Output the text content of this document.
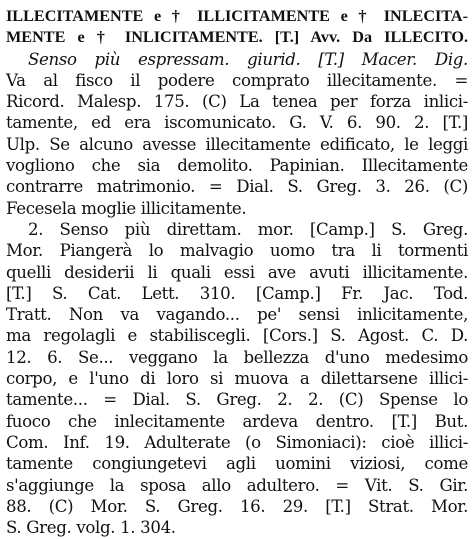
ILLECITAMENTE e † ILLICITAMENTE e † INLECITA-
MENTE e † INLICITAMENTE. [T.] Avv. Da ILLECITO.
Senso più espressam. giurid. [T.] Macer. Dig.
Va al fisco il podere comprato illecitamente. =
Ricord. Malesp. 175. (C) La tenea per forza inlici-
tamente, ed era iscomunicato. G. V. 6. 90. 2. [T.]
Ulp. Se alcuno avesse illecitamente edificato, le leggi
vogliono che sia demolito. Papinian. Illecitamente
contrarre matrimonio. = Dial. S. Greg. 3. 26. (C)
Fecesela moglie illicitamente.
2. Senso più direttam. mor. [Camp.] S. Greg.
Mor. Piangerà lo malvagio uomo tra li tormenti
quelli desiderii li quali essi ave avuti illicitamente.
[T.] S. Cat. Lett. 310. [Camp.] Fr. Jac. Tod.
Tratt. Non va vagando... pe' sensi inlicitamente,
ma regolagli e stabiliscegli. [Cors.] S. Agost. C. D.
12. 6. Se... veggano la bellezza d'uno medesimo
corpo, e l'uno di loro si muova a dilettarsene illici-
tamente... = Dial. S. Greg. 2. 2. (C) Spense lo
fuoco che inlecitamente ardeva dentro. [T.] But.
Com. Inf. 19. Adulterate (o Simoniaci): cioè illici-
tamente congiungetevi agli uomini viziosi, come
s'aggiunge la sposa allo adultero. = Vit. S. Gir.
88. (C) Mor. S. Greg. 16. 29. [T.] Strat. Mor.
S. Greg. volg. 1. 304.
